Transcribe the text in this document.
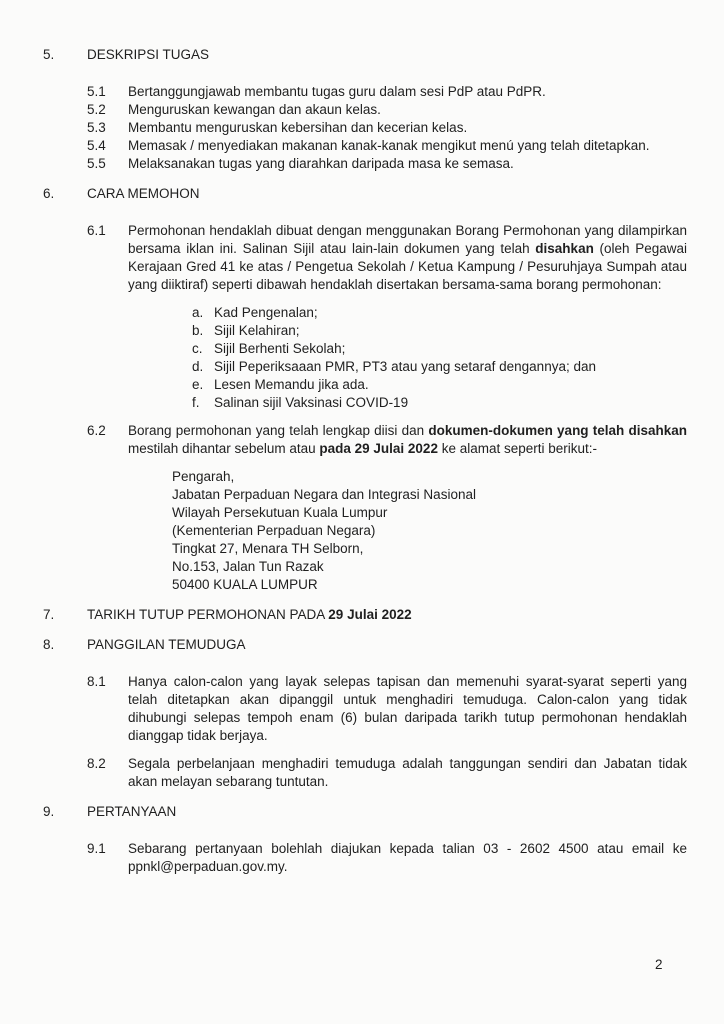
5.	DESKRIPSI TUGAS
5.1	Bertanggungjawab membantu tugas guru dalam sesi PdP atau PdPR.
5.2	Menguruskan kewangan dan akaun kelas.
5.3	Membantu menguruskan kebersihan dan kecerian kelas.
5.4	Memasak / menyediakan makanan kanak-kanak mengikut menú yang telah ditetapkan.
5.5	Melaksanakan tugas yang diarahkan daripada masa ke semasa.
6.	CARA MEMOHON
6.1	Permohonan hendaklah dibuat dengan menggunakan Borang Permohonan yang dilampirkan bersama iklan ini. Salinan Sijil atau lain-lain dokumen yang telah disahkan (oleh Pegawai Kerajaan Gred 41 ke atas / Pengetua Sekolah / Ketua Kampung / Pesuruhjaya Sumpah atau yang diiktiraf) seperti dibawah hendaklah disertakan bersama-sama borang permohonan:
a. Kad Pengenalan;
b. Sijil Kelahiran;
c. Sijil Berhenti Sekolah;
d. Sijil Peperiksaaan PMR, PT3 atau yang setaraf dengannya; dan
e. Lesen Memandu jika ada.
f.	Salinan sijil Vaksinasi COVID-19
6.2	Borang permohonan yang telah lengkap diisi dan dokumen-dokumen yang telah disahkan mestilah dihantar sebelum atau pada 29 Julai 2022 ke alamat seperti berikut:-
Pengarah,
Jabatan Perpaduan Negara dan Integrasi Nasional
Wilayah Persekutuan Kuala Lumpur
(Kementerian Perpaduan Negara)
Tingkat 27, Menara TH Selborn,
No.153, Jalan Tun Razak
50400 KUALA LUMPUR
7.	TARIKH TUTUP PERMOHONAN PADA 29 Julai 2022
8.	PANGGILAN TEMUDUGA
8.1	Hanya calon-calon yang layak selepas tapisan dan memenuhi syarat-syarat seperti yang telah ditetapkan akan dipanggil untuk menghadiri temuduga. Calon-calon yang tidak dihubungi selepas tempoh enam (6) bulan daripada tarikh tutup permohonan hendaklah dianggap tidak berjaya.
8.2	Segala perbelanjaan menghadiri temuduga adalah tanggungan sendiri dan Jabatan tidak akan melayan sebarang tuntutan.
9.	PERTANYAAN
9.1	Sebarang pertanyaan bolehlah diajukan kepada talian 03 - 2602 4500 atau email ke ppnkl@perpaduan.gov.my.
2
